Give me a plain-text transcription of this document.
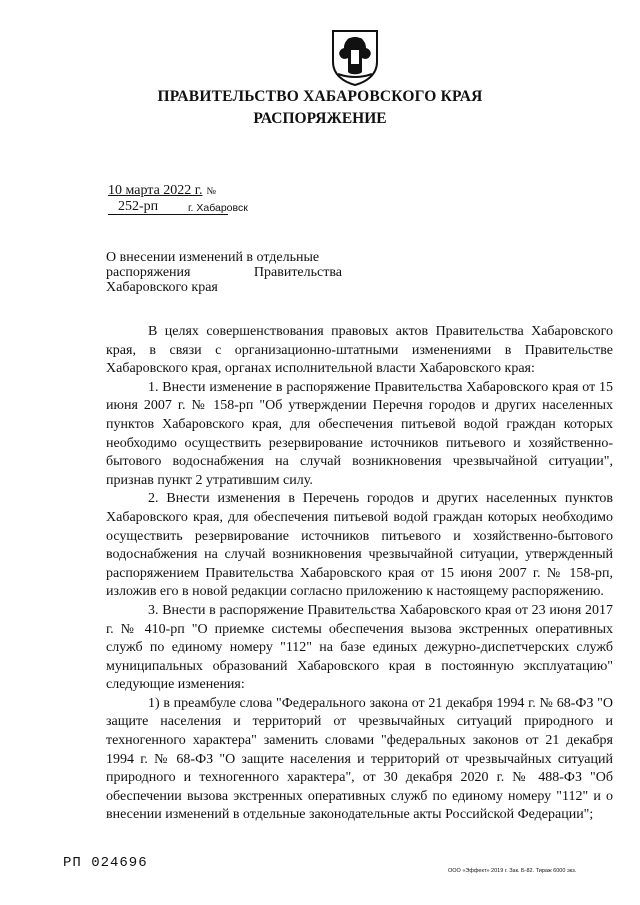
ПРАВИТЕЛЬСТВО ХАБАРОВСКОГО КРАЯ
РАСПОРЯЖЕНИЕ
10 марта 2022 г. №252-рп	г. Хабаровск
О внесении изменений в отдельные
распоряжения	Правительства
Хабаровского края

В целях совершенствования правовых актов Правительства Хабаровского края, в связи с организационно-штатными изменениями в Правительстве Хабаровского края, органах исполнительной власти Хабаровского края:

1. Внести изменение в распоряжение Правительства Хабаровского края от 15 июня 2007 г. № 158-рп "Об утверждении Перечня городов и других населенных пунктов Хабаровского края, для обеспечения питьевой водой граждан которых необходимо осуществить резервирование источников питьевого и хозяйственно-бытового водоснабжения на случай возникновения чрезвычайной ситуации", признав пункт 2 утратившим силу.

2. Внести изменения в Перечень городов и других населенных пунктов Хабаровского края, для обеспечения питьевой водой граждан которых необходимо осуществить резервирование источников питьевого и хозяйственно-бытового водоснабжения на случай возникновения чрезвычайной ситуации, утвержденный распоряжением Правительства Хабаровского края от 15 июня 2007 г. № 158-рп, изложив его в новой редакции согласно приложению к настоящему распоряжению.

3. Внести в распоряжение Правительства Хабаровского края от 23 июня 2017 г. № 410-рп "О приемке системы обеспечения вызова экстренных оперативных служб по единому номеру "112" на базе единых дежурно-диспетчерских служб муниципальных образований Хабаровского края в постоянную эксплуатацию" следующие изменения:

1) в преамбуле слова "Федерального закона от 21 декабря 1994 г. № 68-ФЗ "О защите населения и территорий от чрезвычайных ситуаций природного и техногенного характера" заменить словами "федеральных законов от 21 декабря 1994 г. № 68-ФЗ "О защите населения и территорий от чрезвычайных ситуаций природного и техногенного характера", от 30 декабря 2020 г. № 488-ФЗ "Об обеспечении вызова экстренных оперативных служб по единому номеру "112" и о внесении изменений в отдельные законодательные акты Российской Федерации";

РП 024696	ООО «Эффект» 2019 г. Зак. Б-82. Тираж 6000 экз.
